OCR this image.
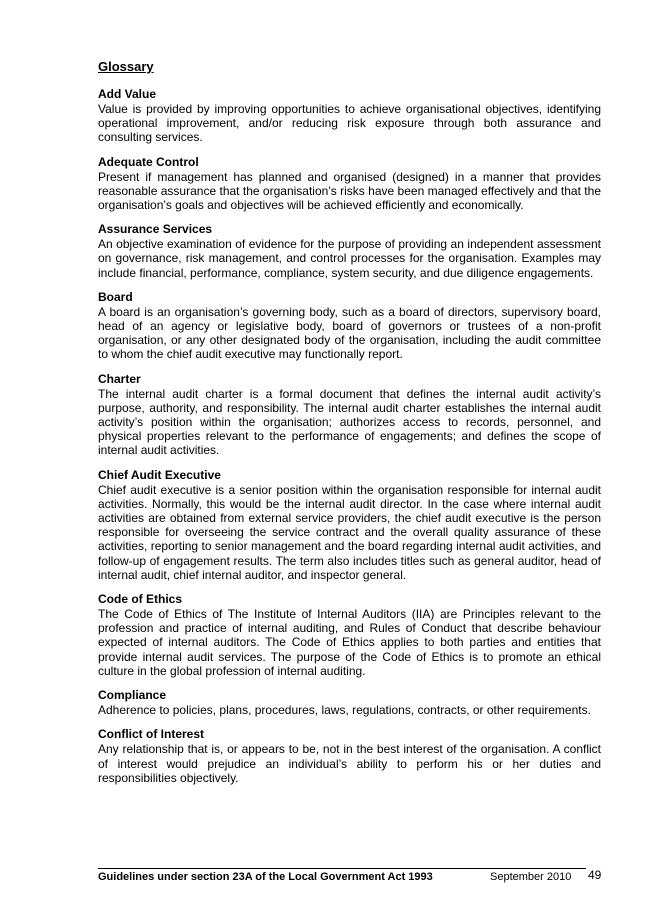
Glossary
Add Value

Value is provided by improving opportunities to achieve organisational objectives, identifying operational improvement, and/or reducing risk exposure through both assurance and consulting services.

Adequate Control

Present if management has planned and organised (designed) in a manner that provides reasonable assurance that the organisation’s risks have been managed effectively and that the organisation’s goals and objectives will be achieved efficiently and economically.

Assurance Services

An objective examination of evidence for the purpose of providing an independent assessment on governance, risk management, and control processes for the organisation. Examples may include financial, performance, compliance, system security, and due diligence engagements.

Board

A board is an organisation’s governing body, such as a board of directors, supervisory board, head of an agency or legislative body, board of governors or trustees of a non-profit organisation, or any other designated body of the organisation, including the audit committee to whom the chief audit executive may functionally report.

Charter

The internal audit charter is a formal document that defines the internal audit activity’s purpose, authority, and responsibility. The internal audit charter establishes the internal audit activity’s position within the organisation; authorizes access to records, personnel, and physical properties relevant to the performance of engagements; and defines the scope of internal audit activities.

Chief Audit Executive

Chief audit executive is a senior position within the organisation responsible for internal audit activities. Normally, this would be the internal audit director. In the case where internal audit activities are obtained from external service providers, the chief audit executive is the person responsible for overseeing the service contract and the overall quality assurance of these activities, reporting to senior management and the board regarding internal audit activities, and follow-up of engagement results. The term also includes titles such as general auditor, head of internal audit, chief internal auditor, and inspector general.

Code of Ethics

The Code of Ethics of The Institute of Internal Auditors (IIA) are Principles relevant to the profession and practice of internal auditing, and Rules of Conduct that describe behaviour expected of internal auditors. The Code of Ethics applies to both parties and entities that provide internal audit services. The purpose of the Code of Ethics is to promote an ethical culture in the global profession of internal auditing.

Compliance

Adherence to policies, plans, procedures, laws, regulations, contracts, or other requirements.

Conflict of Interest

Any relationship that is, or appears to be, not in the best interest of the organisation. A conflict of interest would prejudice an individual’s ability to perform his or her duties and responsibilities objectively.

Guidelines under section 23A of the Local Government Act 1993	September 2010 49
